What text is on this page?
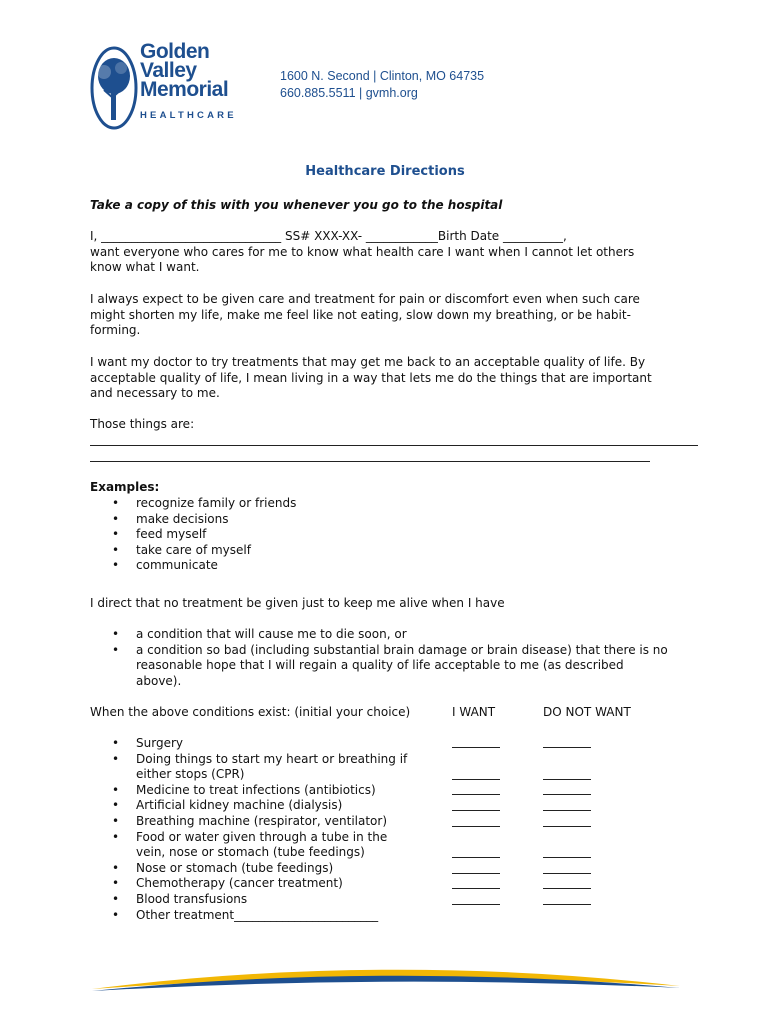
Golden
Valley
Memorial
HEALTHCARE
1600 N. Second | Clinton, MO 64735
660.885.5511 | gvmh.org
Healthcare Directions
Take a copy of this with you whenever you go to the hospital
I, ______________________________ SS# XXX-XX- ____________Birth Date __________,
want everyone who cares for me to know what health care I want when I cannot let others
know what I want.
I always expect to be given care and treatment for pain or discomfort even when such care
might shorten my life, make me feel like not eating, slow down my breathing, or be habit-
forming.
I want my doctor to try treatments that may get me back to an acceptable quality of life. By
acceptable quality of life, I mean living in a way that lets me do the things that are important
and necessary to me.
Those things are:
Examples:
• recognize family or friends
• make decisions
• feed myself
• take care of myself
• communicate
I direct that no treatment be given just to keep me alive when I have
• a condition that will cause me to die soon, or
• a condition so bad (including substantial brain damage or brain disease) that there is no
reasonable hope that I will regain a quality of life acceptable to me (as described
above).
When the above conditions exist: (initial your choice)	I WANT	DO NOT WANT
• Surgery
• Doing things to start my heart or breathing if
either stops (CPR)
• Medicine to treat infections (antibiotics)
• Artificial kidney machine (dialysis)
• Breathing machine (respirator, ventilator)
• Food or water given through a tube in the
vein, nose or stomach (tube feedings)
• Nose or stomach (tube feedings)
• Chemotherapy (cancer treatment)
• Blood transfusions
• Other treatment________________________
